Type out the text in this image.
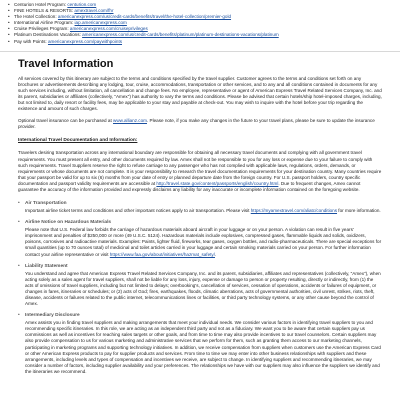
• Centurion Hotel Program: centurion.com
• FINE HOTELS & RESORTS: amextravel.com/fhr
• The Hotel Collection: americanexpress.com/us/credit-cards/benefits/travel/the-hotel-collection/premier-gold
• International Airline Program: iap.americanexpress.com
• Cruise Privileges Program: americanexpress.com/cruiseprivileges
• Platinum Destinations Vacations: americanexpress.com/us/credit-cards/benefits/platinum/platinum-destinations-vacations/platinum
• Pay with Points: americanexpress.com/paywithpoints
Travel Information

All services covered by this itinerary are subject to the terms and conditions specified by the travel supplier. Customer agrees to the terms and conditions set forth on any brochures or advertisements describing any lodging, tour, cruise, accommodations, transportation or other services, and to any and all conditions contained in documents for any such services including, without limitation, all cancellation and change fees. No employee, representative or agent of American Express Travel Related Services Company, Inc. and its parent, subsidiaries or affiliates (collectively, "Amex") has authority to vary the terms and conditions. Please be advised that certain hotels/ship hotel-imposed charges, including, but not limited to, daily resort or facility fees, may be applicable to your stay and payable at check-out. You may wish to inquire with the hotel before your trip regarding the existence and amount of such charges.

Optional travel insurance can be purchased at www.allianz.com. Please note, if you make any changes in the future to your travel plans, please be sure to update the insurance provider.

International Travel Documentation and Information:

Travelers desiring transportation across any international boundary are responsible for obtaining all necessary travel documents and complying with all government travel requirements. You must present all entry, and other documents required by law. Amex shall not be responsible to you for any loss or expense due to your failure to comply with such requirements. Travel Suppliers reserve the right to refuse carriage to any passenger who has not complied with applicable laws, regulations, orders, demands, or requirements or whose documents are not complete. It is your responsibility to research the travel documentation requirements for your destination country. Many countries require that your passport be valid for up to six (6) months from your date of entry or planned departure date from the foreign country. For U.S. passport holders, country specific documentation and passport validity requirements are accessible at http://travel.state.gov/content/passports/english/country.html. Due to frequent changes, Amex cannot guarantee the accuracy of the information provided and expressly disclaims any liability for any inaccurate or incomplete information contained on the foregoing website.

• Air Transportation
Important airline ticket terms and conditions and other important notices apply to air transportation. Please visit https://myamextravel.com/aliatc/conditions for more information.
• Airline Notice on Hazardous Materials
Please note that U.S. Federal law forbids the carriage of hazardous materials aboard aircraft in your luggage or on your person. A violation can result in five years' imprisonment and penalties of $250,000 or more (49 U.S.C. 5124). Hazardous materials include explosives, compressed gases, flammable liquids and solids, oxidizers, poisons, corrosives and radioactive materials. Examples: Paints, lighter fluid, fireworks, tear gases, oxygen bottles, and radio-pharmaceuticals. There are special exceptions for small quantities (up to 70 ounces total) of medicinal and toilet articles carried in your luggage and certain smoking materials carried on your person. For further information contact your airline representative or visit https://www.faa.gov/about/initiatives/hazmat_safety/.
• Liability Statement
You understand and agree that American Express Travel Related Services Company, Inc. and its parent, subsidiaries, affiliates and representatives (collectively, "Amex"), when acting solely as a sales agent for travel suppliers, shall not be liable for any loss, injury, expense or damage to person or property resulting, directly or indirectly, from (1) the acts of omissions of travel suppliers, including but not limited to delays; overbooking's, cancellation of services, cessation of operations, accidents or failures of equipment, or changes in fares, itineraries or schedules; or (2) acts of God; fires, earthquakes, floods, climatic aberrations, acts of governmental authorities, civil unrest, strikes, riots, theft, disease, accidents or failures related to the public internet, telecommunications lines or facilities, or third party technology systems, or any other cause beyond the control of Amex.
• Intermediary Disclosure
Amex assists you in finding travel suppliers and making arrangements that meet your individual needs. We consider various factors in identifying travel suppliers to you and recommending specific itineraries. In this role, we are acting as an independent third party and not as a fiduciary. We want you to be aware that certain suppliers pay us commissions as well as incentives for reaching sales targets or other goals, and from time to time may also provide incentives to our travel counselors. Certain suppliers may also provide compensation to us for various marketing and administrative services that we perform for them, such as granting them access to our marketing channels, participating in marketing programs and supporting technology initiatives. In addition, we receive compensation from suppliers when customers use the American Express Card or other American Express products to pay for supplier products and services. From time to time we may enter into other business relationships with suppliers and these arrangements, including levels and types of compensation and incentives we receive, are subject to change. In identifying suppliers and recommending itineraries, we may consider a number of factors, including supplier availability and your preferences. The relationships we have with our suppliers may also influence the suppliers we identify and the itineraries we recommend.
